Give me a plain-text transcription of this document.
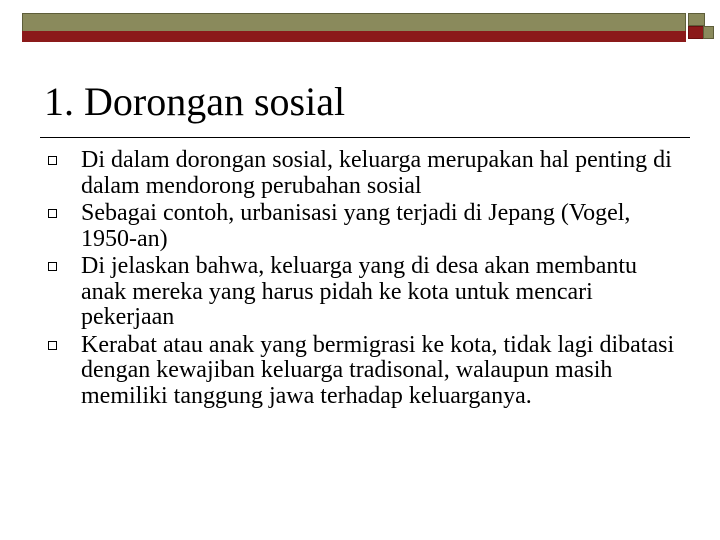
1. Dorongan sosial
Di dalam dorongan sosial, keluarga merupakan hal penting di dalam mendorong perubahan sosial
Sebagai contoh, urbanisasi yang terjadi di Jepang (Vogel, 1950-an)
Di jelaskan bahwa, keluarga yang di desa akan membantu anak mereka yang harus pidah ke kota untuk mencari pekerjaan
Kerabat atau anak yang bermigrasi ke kota, tidak lagi dibatasi dengan kewajiban keluarga tradisonal, walaupun masih memiliki tanggung jawa terhadap keluarganya.
